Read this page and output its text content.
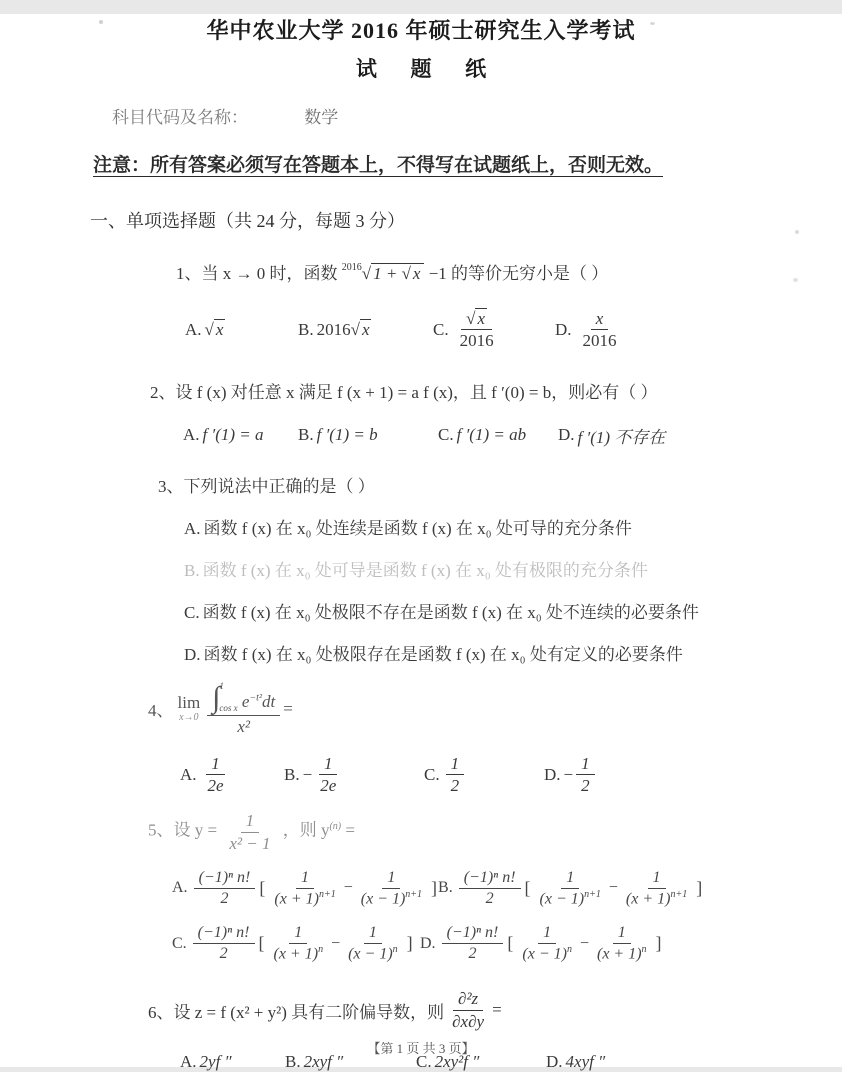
华中农业大学 2016 年硕士研究生入学考试
试题纸
科目代码及名称：	数学
注意：所有答案必须写在答题本上，不得写在试题纸上，否则无效。
一、单项选择题（共 24 分，每题 3 分）
1、当 x → 0 时，函数 $^{2016}$√ 1 + √ x −1 的等价无穷小是（ ）
A. √ x	B. 2016 √ x	C. $\frac{√ x}{2016}$	D. $\frac{x}{2016}$
2、设 f (x) 对任意 x 满足 f (x + 1) = a f (x)，且 f ′(0) = b，则必有（ ）
A. f ′(1) = a B. f ′(1) = b	C. f ′(1) = ab D. f ′(1) 不存在
3、下列说法中正确的是（ ）
A. 函数 f (x) 在 x₀ 处连续是函数 f (x) 在 x₀ 处可导的充分条件
B. 函数 f (x) 在 x₀ 处可导是函数 f (x) 在 x₀ 处有极限的充分条件
C. 函数 f (x) 在 x₀ 处极限不存在是函数 f (x) 在 x₀ 处不连续的必要条件
D. 函数 f (x) 在 x₀ 处极限存在是函数 f (x) 在 x₀ 处有定义的必要条件
4、 lim
x→0 ∫ 1
cos x $e^{-t^2}dt$
x² =
A. $\frac{1}{2e}$	B. − $\frac{1}{2e}$	C. $\frac{1}{2}$	D. − $\frac{1}{2}$
5、设 $y = \frac{1}{\text{x² − 1}}$ ，则 $y^{(n)}$ =
A. $\frac{\text{(−1)ⁿ n!}}{2}$ [ $\frac{1}{(x + 1)^{n+1}} - \frac{1}{(x - 1)^{n+1}}$ ] B. $\frac{\text{(−1)ⁿ n!}}{2}$ [ $\frac{1}{(x - 1)^{n+1}} - \frac{1}{(x + 1)^{n+1}}$ ]
C. $\frac{\text{(−1)ⁿ n!}}{2}$ [ $\frac{1}{(x + 1)^n} - \frac{1}{(x - 1)^n}$ ] D. $\frac{\text{(−1)ⁿ n!}}{2}$ [ $\frac{1}{(x - 1)^n} - \frac{1}{(x + 1)^n}$ ]
6、设 z = f (x² + y²) 具有二阶偏导数，则 $\frac{\text{∂²z}}{\partial x\partial y}$ =
A. 2yf ″	B. 2xyf ″	C. 2xy²f ″	D. 4xyf ″
【第 1 页 共 3 页】
